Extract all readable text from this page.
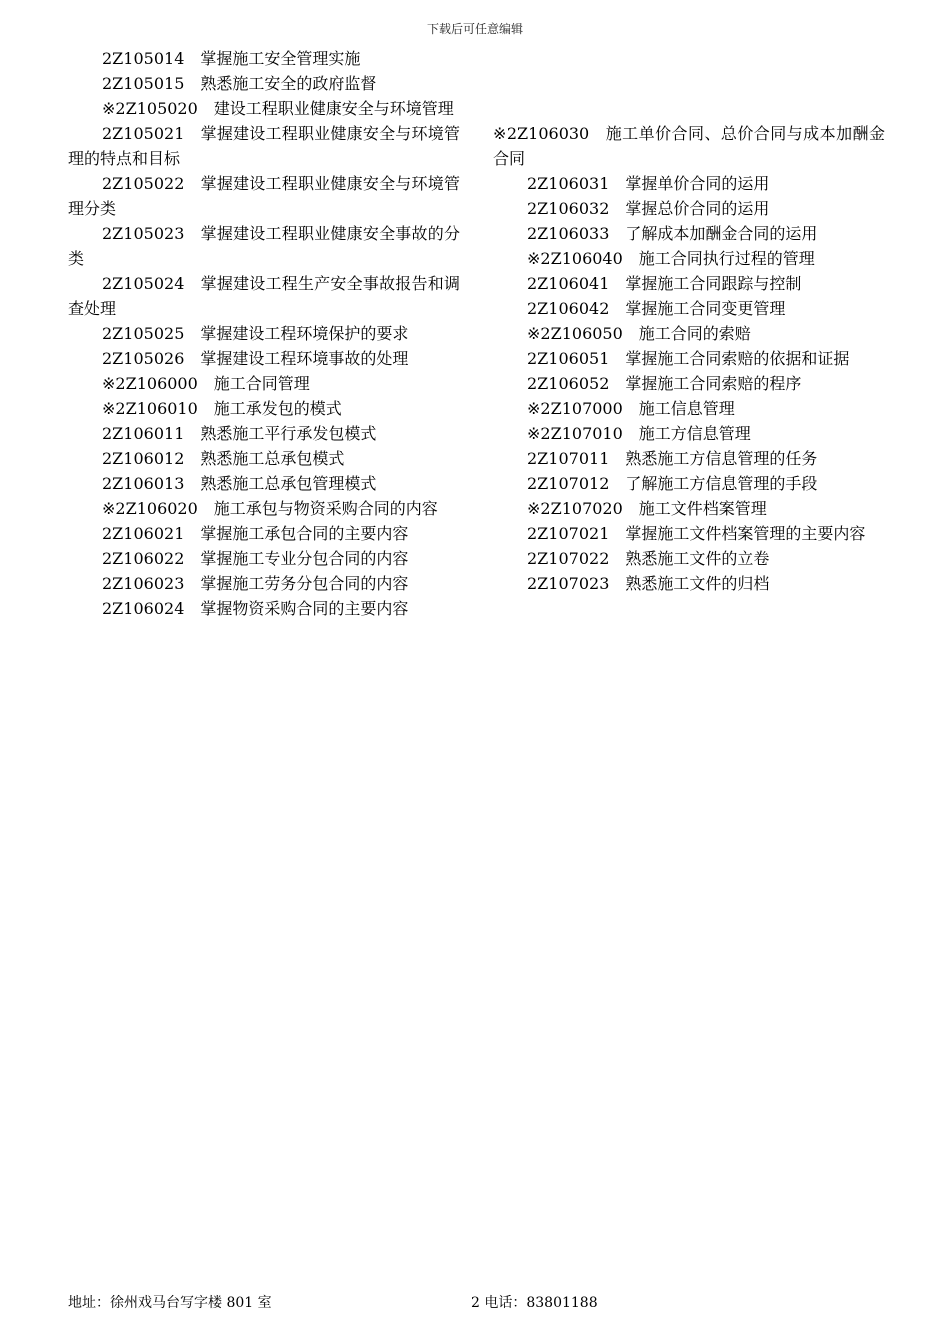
下载后可任意编辑

2Z105014 掌握施工安全管理实施

2Z105015 熟悉施工安全的政府监督

※2Z105020 建设工程职业健康安全与环境管理

2Z105021 掌握建设工程职业健康安全与环境管理的特点和目标

2Z105022 掌握建设工程职业健康安全与环境管理分类

2Z105023 掌握建设工程职业健康安全事故的分类

2Z105024 掌握建设工程生产安全事故报告和调查处理

2Z105025 掌握建设工程环境保护的要求

2Z105026 掌握建设工程环境事故的处理

※2Z106000 施工合同管理

※2Z106010 施工承发包的模式

2Z106011 熟悉施工平行承发包模式

2Z106012 熟悉施工总承包模式

2Z106013 熟悉施工总承包管理模式

※2Z106020 施工承包与物资采购合同的内容

2Z106021 掌握施工承包合同的主要内容

2Z106022 掌握施工专业分包合同的内容

2Z106023 掌握施工劳务分包合同的内容

2Z106024 掌握物资采购合同的主要内容

※2Z106030 施工单价合同、总价合同与成本加酬金合同

2Z106031 掌握单价合同的运用

2Z106032 掌握总价合同的运用

2Z106033 了解成本加酬金合同的运用

※2Z106040 施工合同执行过程的管理

2Z106041 掌握施工合同跟踪与控制

2Z106042 掌握施工合同变更管理

※2Z106050 施工合同的索赔

2Z106051 掌握施工合同索赔的依据和证据

2Z106052 掌握施工合同索赔的程序

※2Z107000 施工信息管理

※2Z107010 施工方信息管理

2Z107011 熟悉施工方信息管理的任务

2Z107012 了解施工方信息管理的手段

※2Z107020 施工文件档案管理

2Z107021 掌握施工文件档案管理的主要内容

2Z107022 熟悉施工文件的立卷

2Z107023 熟悉施工文件的归档

地址：徐州戏马台写字楼 801 室	2 电话：83801188
